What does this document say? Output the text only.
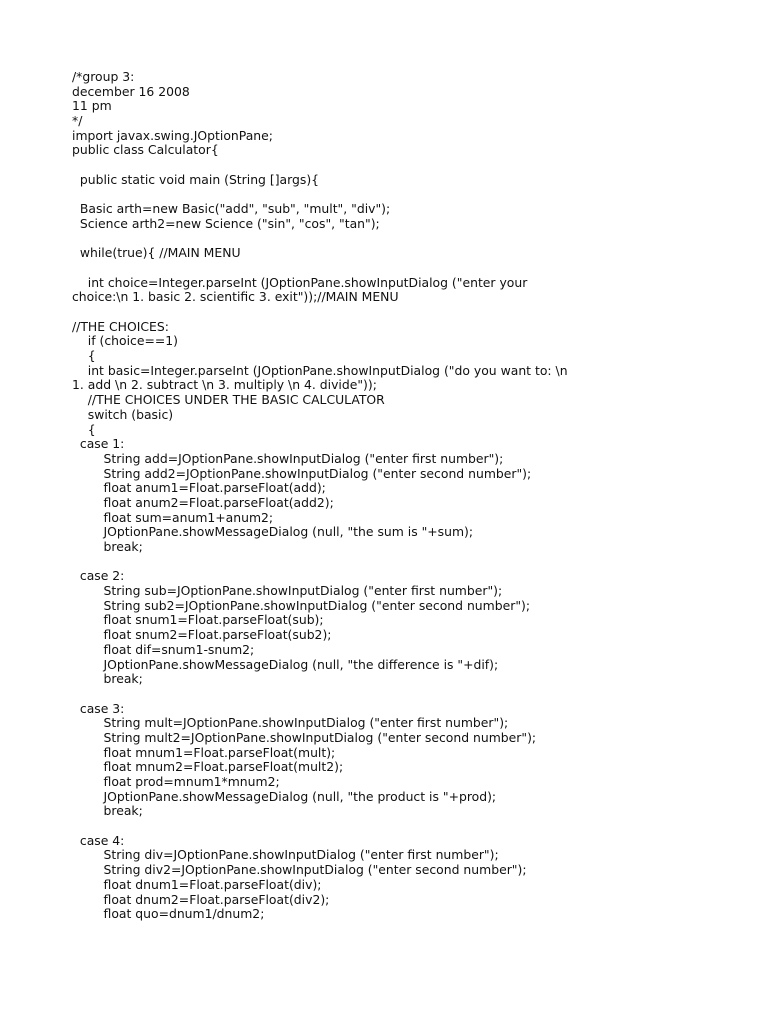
/*group 3:
december 16 2008
11 pm
*/
import javax.swing.JOptionPane;
public class Calculator{

public static void main (String []args){

Basic arth=new Basic("add", "sub", "mult", "div");
Science arth2=new Science ("sin", "cos", "tan");

while(true){ //MAIN MENU

int choice=Integer.parseInt (JOptionPane.showInputDialog ("enter your
choice:\n 1. basic 2. scientific 3. exit"));//MAIN MENU

//THE CHOICES:
if (choice==1)
{
int basic=Integer.parseInt (JOptionPane.showInputDialog ("do you want to: \n
1. add \n 2. subtract \n 3. multiply \n 4. divide"));
//THE CHOICES UNDER THE BASIC CALCULATOR
switch (basic)
{
case 1:
String add=JOptionPane.showInputDialog ("enter first number");
String add2=JOptionPane.showInputDialog ("enter second number");
float anum1=Float.parseFloat(add);
float anum2=Float.parseFloat(add2);
float sum=anum1+anum2;
JOptionPane.showMessageDialog (null, "the sum is "+sum);
break;

case 2:
String sub=JOptionPane.showInputDialog ("enter first number");
String sub2=JOptionPane.showInputDialog ("enter second number");
float snum1=Float.parseFloat(sub);
float snum2=Float.parseFloat(sub2);
float dif=snum1-snum2;
JOptionPane.showMessageDialog (null, "the difference is "+dif);
break;

case 3:
String mult=JOptionPane.showInputDialog ("enter first number");
String mult2=JOptionPane.showInputDialog ("enter second number");
float mnum1=Float.parseFloat(mult);
float mnum2=Float.parseFloat(mult2);
float prod=mnum1*mnum2;
JOptionPane.showMessageDialog (null, "the product is "+prod);
break;

case 4:
String div=JOptionPane.showInputDialog ("enter first number");
String div2=JOptionPane.showInputDialog ("enter second number");
float dnum1=Float.parseFloat(div);
float dnum2=Float.parseFloat(div2);
float quo=dnum1/dnum2;
